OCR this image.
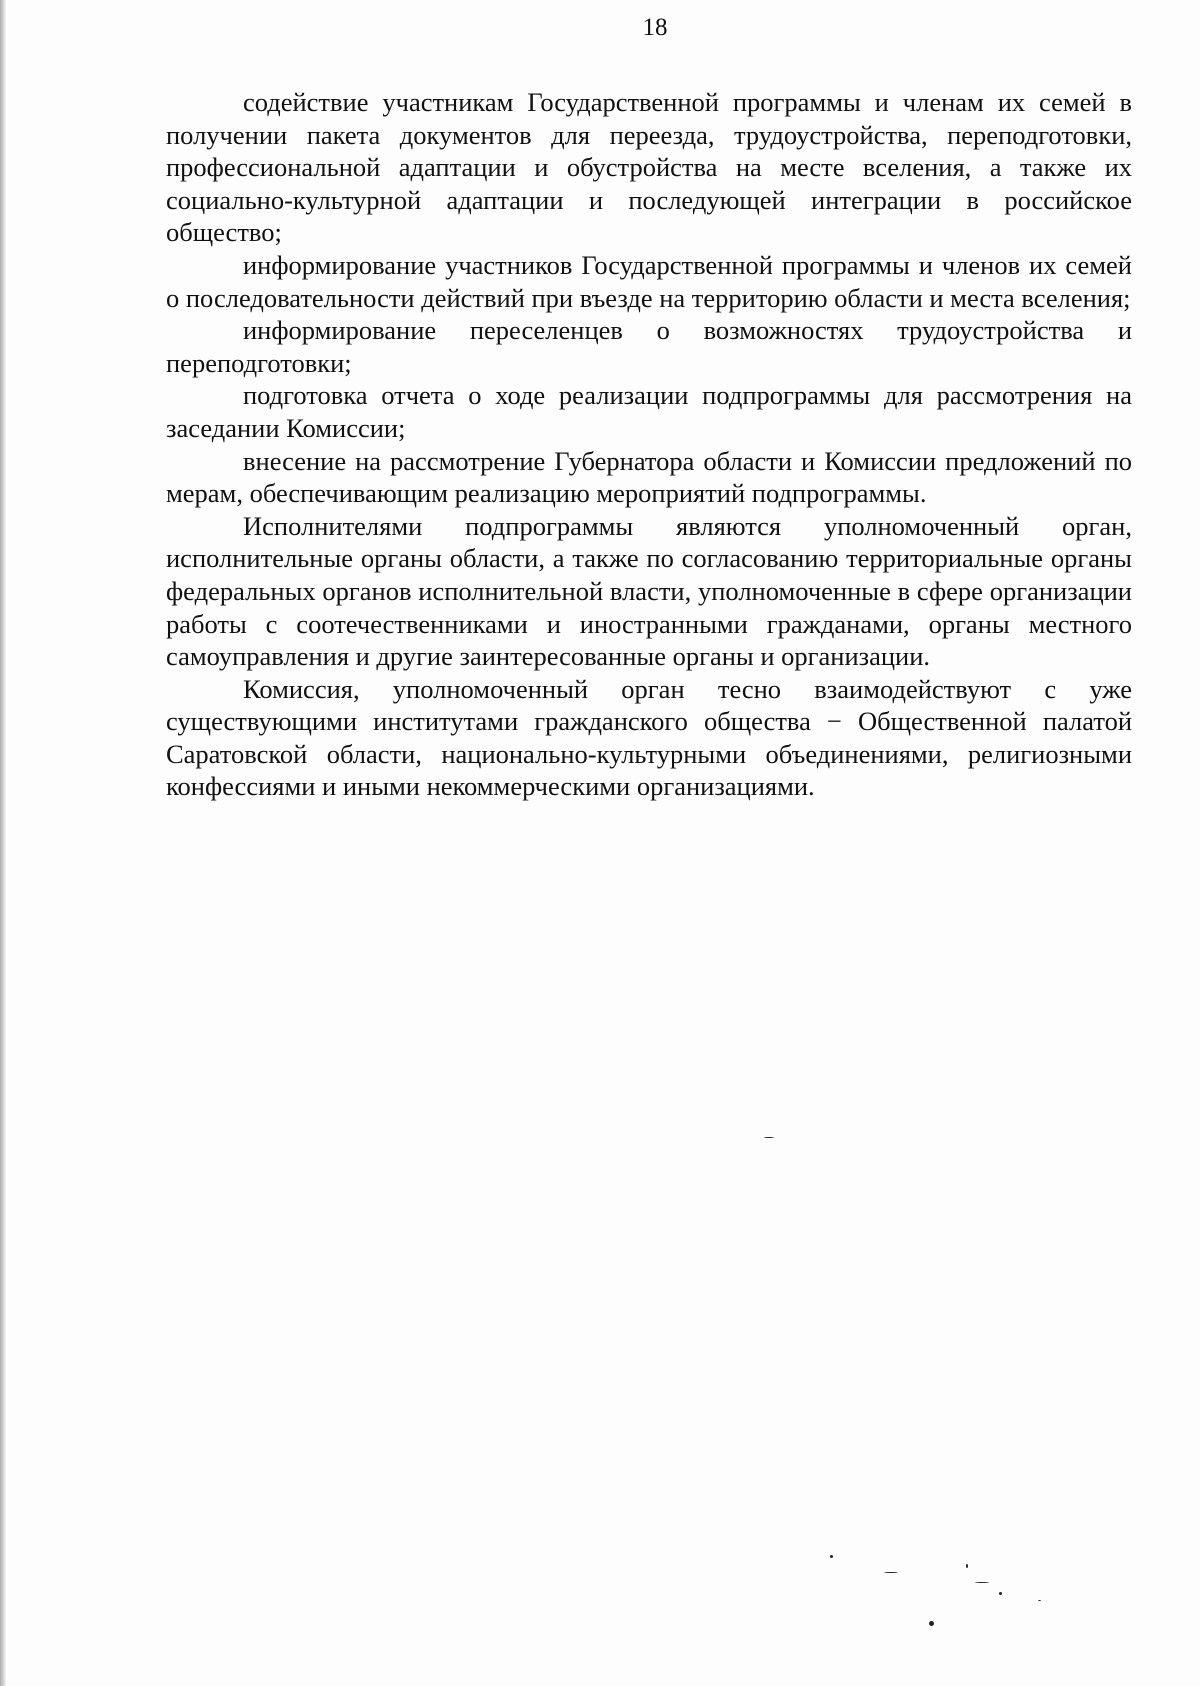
18

содействие участникам Государственной программы и членам их семей в получении пакета документов для переезда, трудоустройства, переподготовки, профессиональной адаптации и обустройства на месте вселения, а также их социально-культурной адаптации и последующей интеграции в российское общество;

информирование участников Государственной программы и членов их семей о последовательности действий при въезде на территорию области и места вселения;

информирование переселенцев о возможностях трудоустройства и переподготовки;

подготовка отчета о ходе реализации подпрограммы для рассмотрения на заседании Комиссии;

внесение на рассмотрение Губернатора области и Комиссии предложений по мерам, обеспечивающим реализацию мероприятий подпрограммы.

Исполнителями подпрограммы являются уполномоченный орган, исполнительные органы области, а также по согласованию территориальные органы федеральных органов исполнительной власти, уполномоченные в сфере организации работы с соотечественниками и иностранными гражданами, органы местного самоуправления и другие заинтересованные органы и организации.

Комиссия, уполномоченный орган тесно взаимодействуют с уже существующими институтами гражданского общества − Общественной палатой Саратовской области, национально-культурными объединениями, религиозными конфессиями и иными некоммерческими организациями.
